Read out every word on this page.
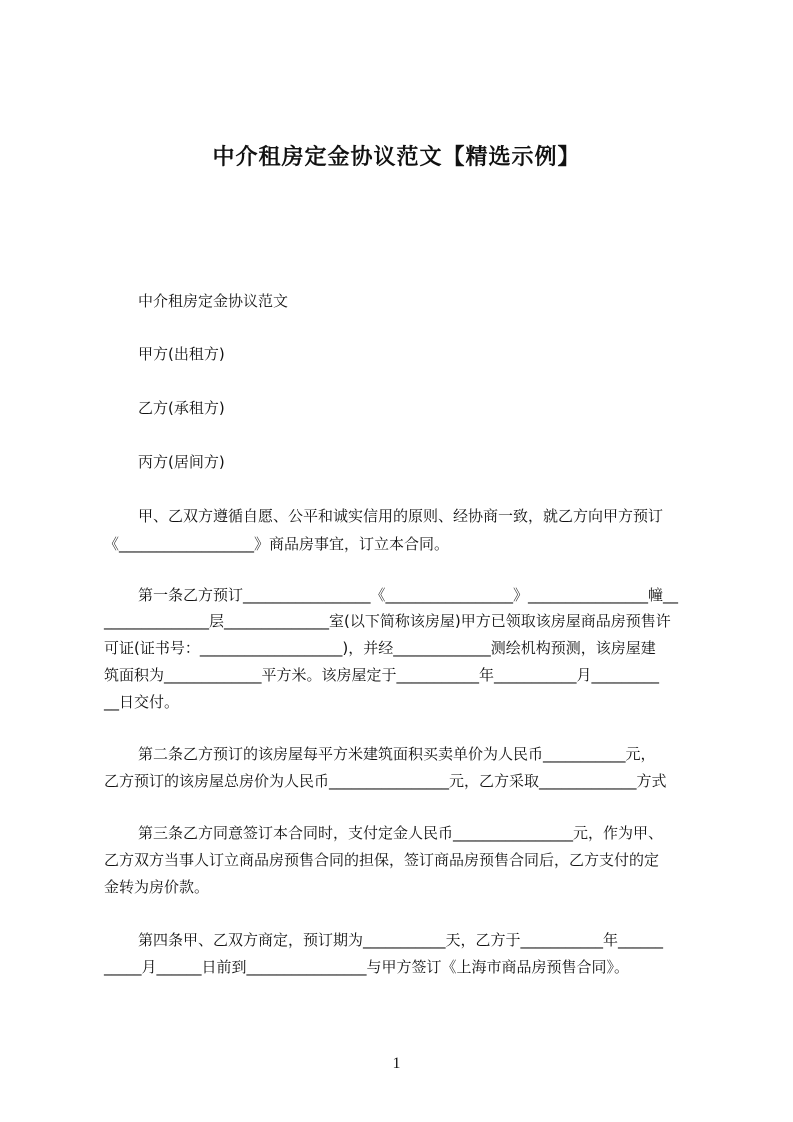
中介租房定金协议范文【精选示例】
中介租房定金协议范文
甲方(出租方)
乙方(承租方)
丙方(居间方)
甲、乙双方遵循自愿、公平和诚实信用的原则、经协商一致，就乙方向甲方预订
《__________________》商品房事宜，订立本合同。
第一条乙方预订_________________《_________________》________________幢__
______________层______________室(以下简称该房屋)甲方已领取该房屋商品房预售许
可证(证书号：___________________)，并经_____________测绘机构预测，该房屋建
筑面积为_____________平方米。该房屋定于___________年___________月_________
__日交付。
第二条乙方预订的该房屋每平方米建筑面积买卖单价为人民币___________元，
乙方预订的该房屋总房价为人民币________________元，乙方采取_____________方式
第三条乙方同意签订本合同时，支付定金人民币________________元，作为甲、
乙方双方当事人订立商品房预售合同的担保，签订商品房预售合同后，乙方支付的定
金转为房价款。
第四条甲、乙双方商定，预订期为___________天，乙方于___________年______
_____月______日前到________________与甲方签订《上海市商品房预售合同》。
1
